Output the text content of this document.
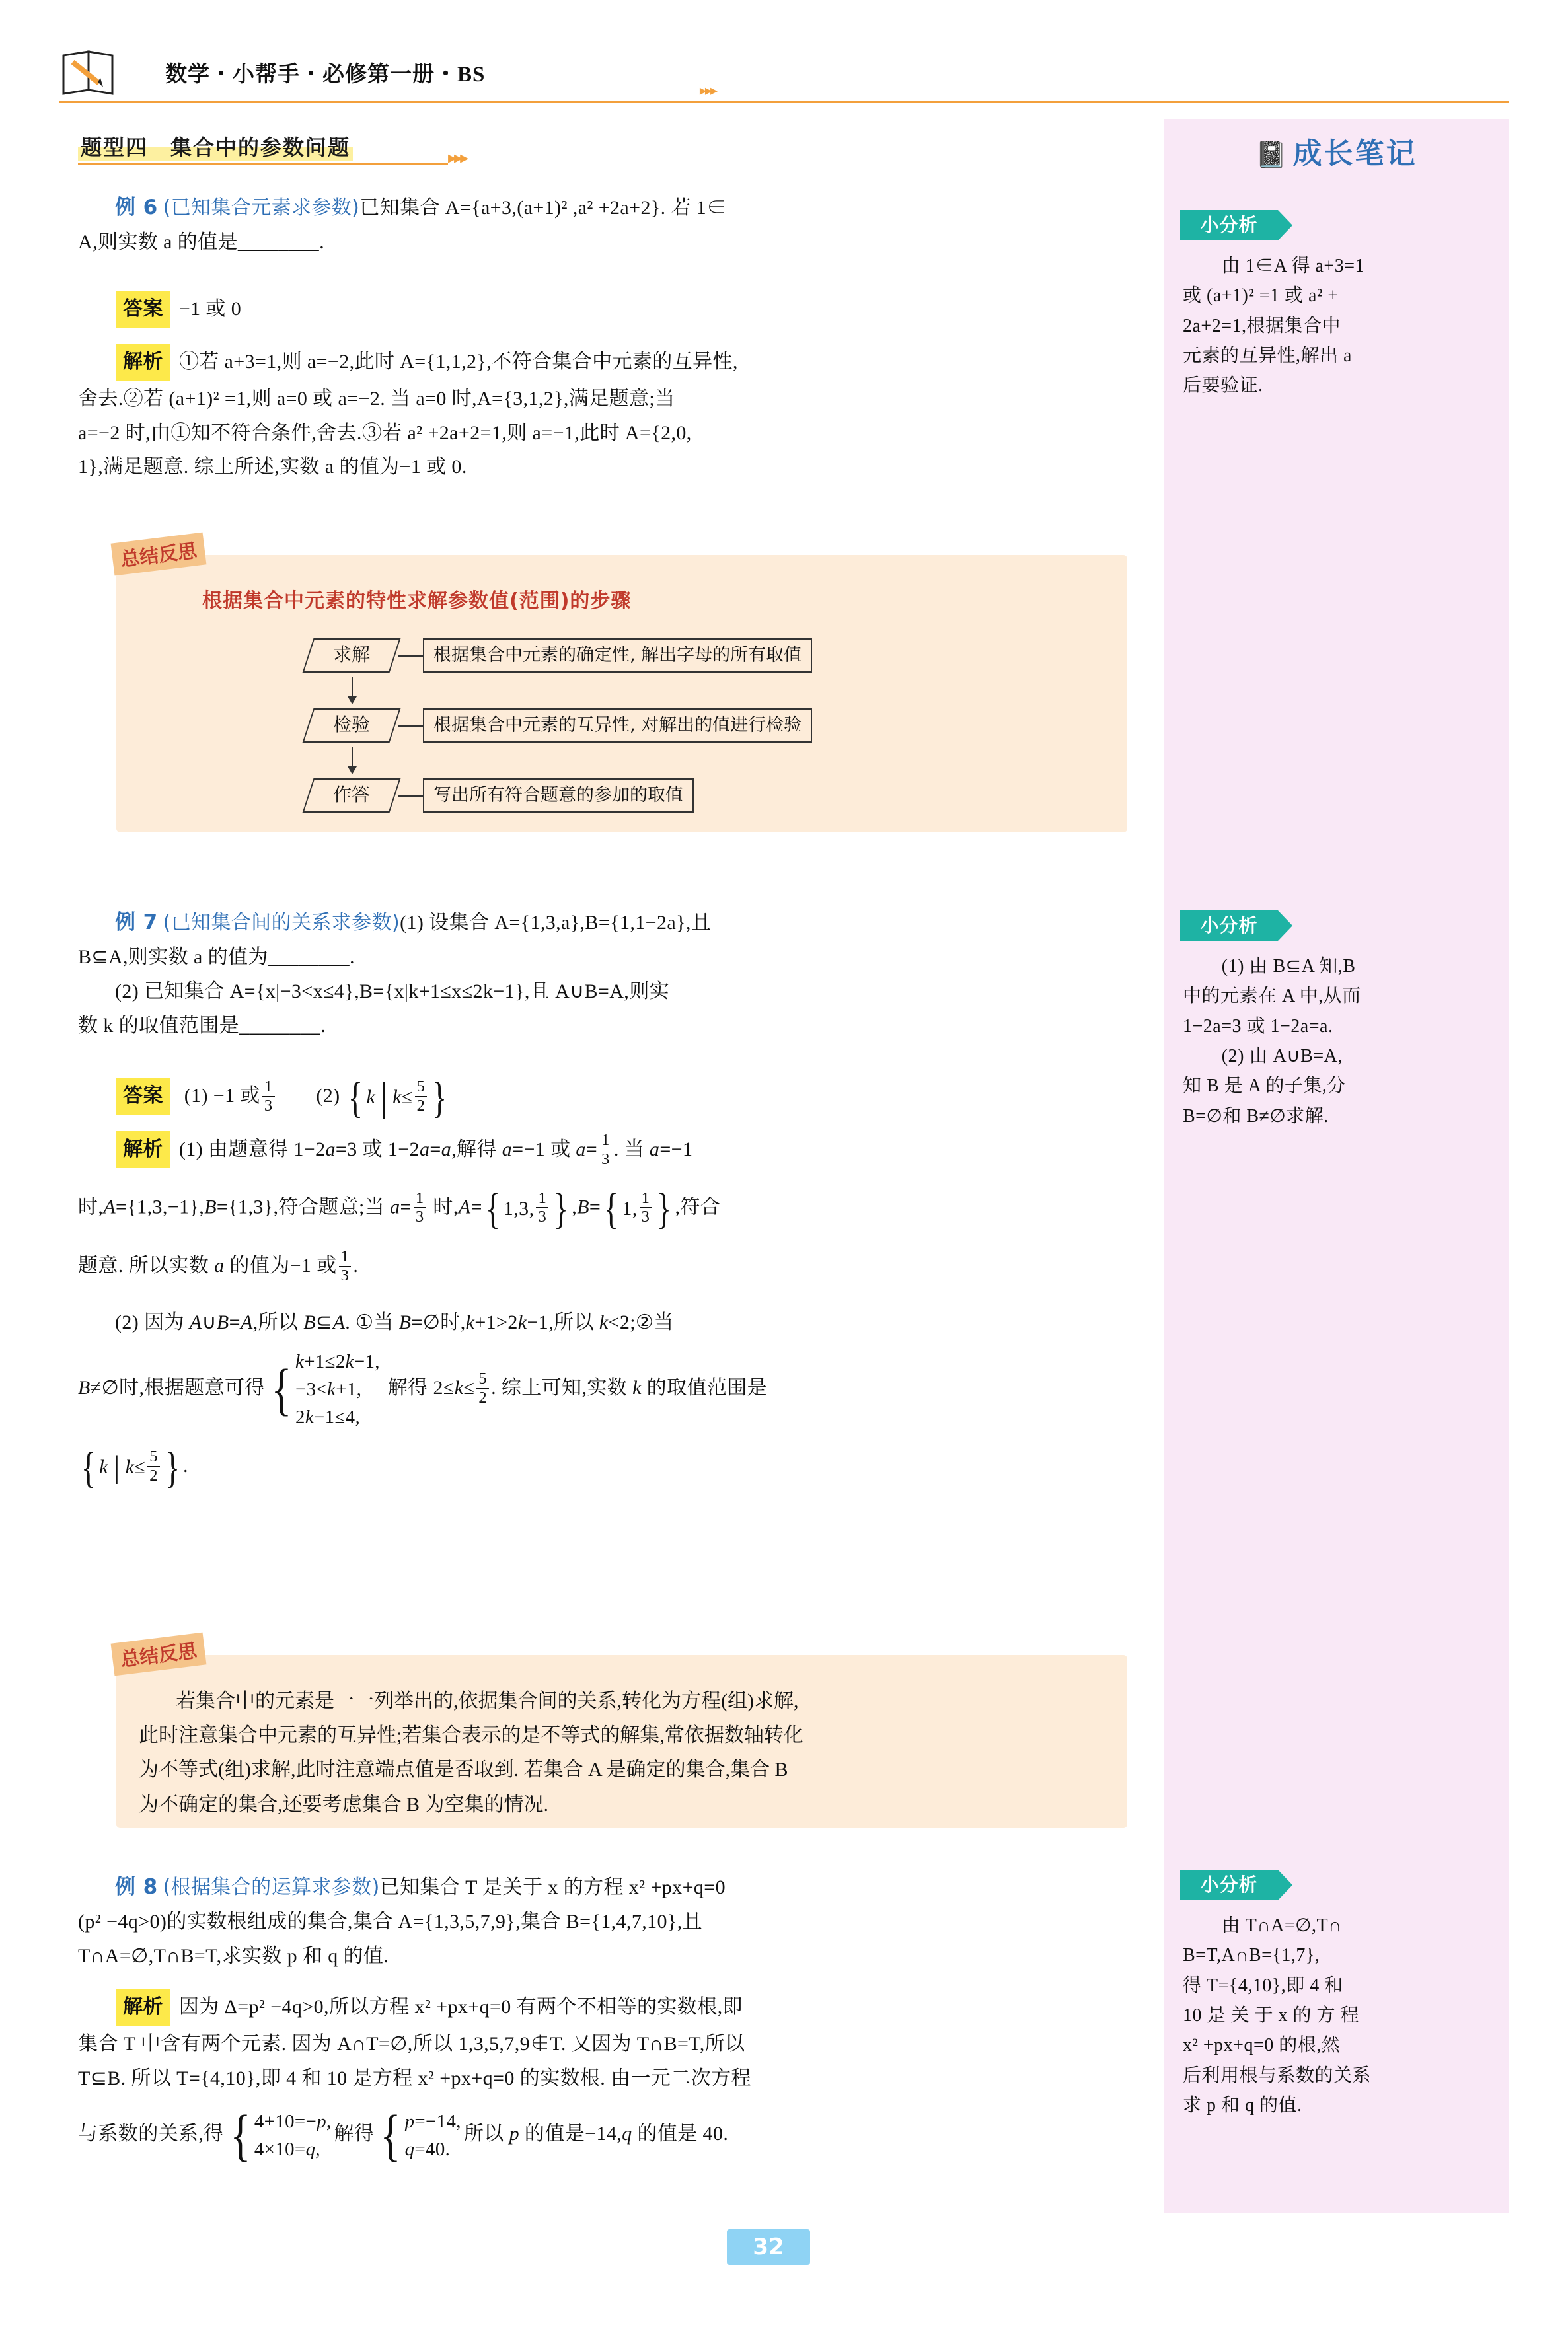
数学・小帮手・必修第一册・BS
▸▸▸
题型四　集合中的参数问题	▸▸▸
例 6 (已知集合元素求参数)已知集合 A={a+3,(a+1)² ,a² +2a+2}. 若 1∈
A,则实数 a 的值是________.
答案 −1 或 0
解析 ①若 a+3=1,则 a=−2,此时 A={1,1,2},不符合集合中元素的互异性,
舍去.②若 (a+1)² =1,则 a=0 或 a=−2. 当 a=0 时,A={3,1,2},满足题意;当
a=−2 时,由①知不符合条件,舍去.③若 a² +2a+2=1,则 a=−1,此时 A={2,0,
1},满足题意. 综上所述,实数 a 的值为−1 或 0.
总结反思
根据集合中元素的特性求解参数值(范围)的步骤
求解	根据集合中元素的确定性, 解出字母的所有取值
检验	根据集合中元素的互异性, 对解出的值进行检验
作答	写出所有符合题意的参加的取值
例 7 (已知集合间的关系求参数)(1) 设集合 A={1,3,a},B={1,1−2a},且
B⊆A,则实数 a 的值为________.
(2) 已知集合 A={x|−3<x≤4},B={x|k+1≤x≤2k−1},且 A∪B=A,则实
数 k 的取值范围是________.
答案 (1) −1 或 $\frac{1}{3} (2)$ { k
|
$k \le \frac{5}{2}$ }
解析 (1) 由题意得 1−2a=3 或 1−2a=a,解得 a=−1 或 $a= \frac{1}{3}$ . 当 a=−1
时,A={1,3,−1},B={1,3},符合题意;当 $a= \frac{1}{3}$ 时,A= { 1,3, $\frac{1}{3}$ } ,B= { 1, $\frac{1}{3}$ } ,符合
题意. 所以实数 a 的值为−1 或 $\frac{1}{3}$ .
(2) 因为 A∪B=A,所以 B⊆A. ①当 B=∅时,k+1>2k−1,所以 k<2;②当
B≠∅时,根据题意可得 { k+1≤2k−1,
−3<k+1,
2k−1≤4,
解得 $2\le k\le \frac{5}{2}$ . 综上可知,实数 k 的取值范围是
{ k
|
$k \le \frac{5}{2}$ } .
总结反思
若集合中的元素是一一列举出的,依据集合间的关系,转化为方程(组)求解,
此时注意集合中元素的互异性;若集合表示的是不等式的解集,常依据数轴转化
为不等式(组)求解,此时注意端点值是否取到. 若集合 A 是确定的集合,集合 B
为不确定的集合,还要考虑集合 B 为空集的情况.
例 8 (根据集合的运算求参数)已知集合 T 是关于 x 的方程 x² +px+q=0
(p² −4q>0)的实数根组成的集合,集合 A={1,3,5,7,9},集合 B={1,4,7,10},且
T∩A=∅,T∩B=T,求实数 p 和 q 的值.
解析 因为 Δ=p² −4q>0,所以方程 x² +px+q=0 有两个不相等的实数根,即
集合 T 中含有两个元素. 因为 A∩T=∅,所以 1,3,5,7,9∉T. 又因为 T∩B=T,所以
T⊆B. 所以 T={4,10},即 4 和 10 是方程 x² +px+q=0 的实数根. 由一元二次方程

与系数的关系,得 { 4+10=−p,
4×10=q,
解得 { p=−14,
q=40.
所以 p 的值是−14,q 的值是 40.
📓 成长笔记
小分析
由 1∈A 得 a+3=1
或 (a+1)² =1 或 a² +
2a+2=1,根据集合中
元素的互异性,解出 a
后要验证.
小分析
(1) 由 B⊆A 知,B
中的元素在 A 中,从而
1−2a=3 或 1−2a=a.
(2) 由 A∪B=A,
知 B 是 A 的子集,分
B=∅和 B≠∅求解.
小分析
由 T∩A=∅,T∩
B=T,A∩B={1,7},
得 T={4,10},即 4 和
10 是 关 于 x 的 方 程
x² +px+q=0 的根,然
后利用根与系数的关系
求 p 和 q 的值.
32
